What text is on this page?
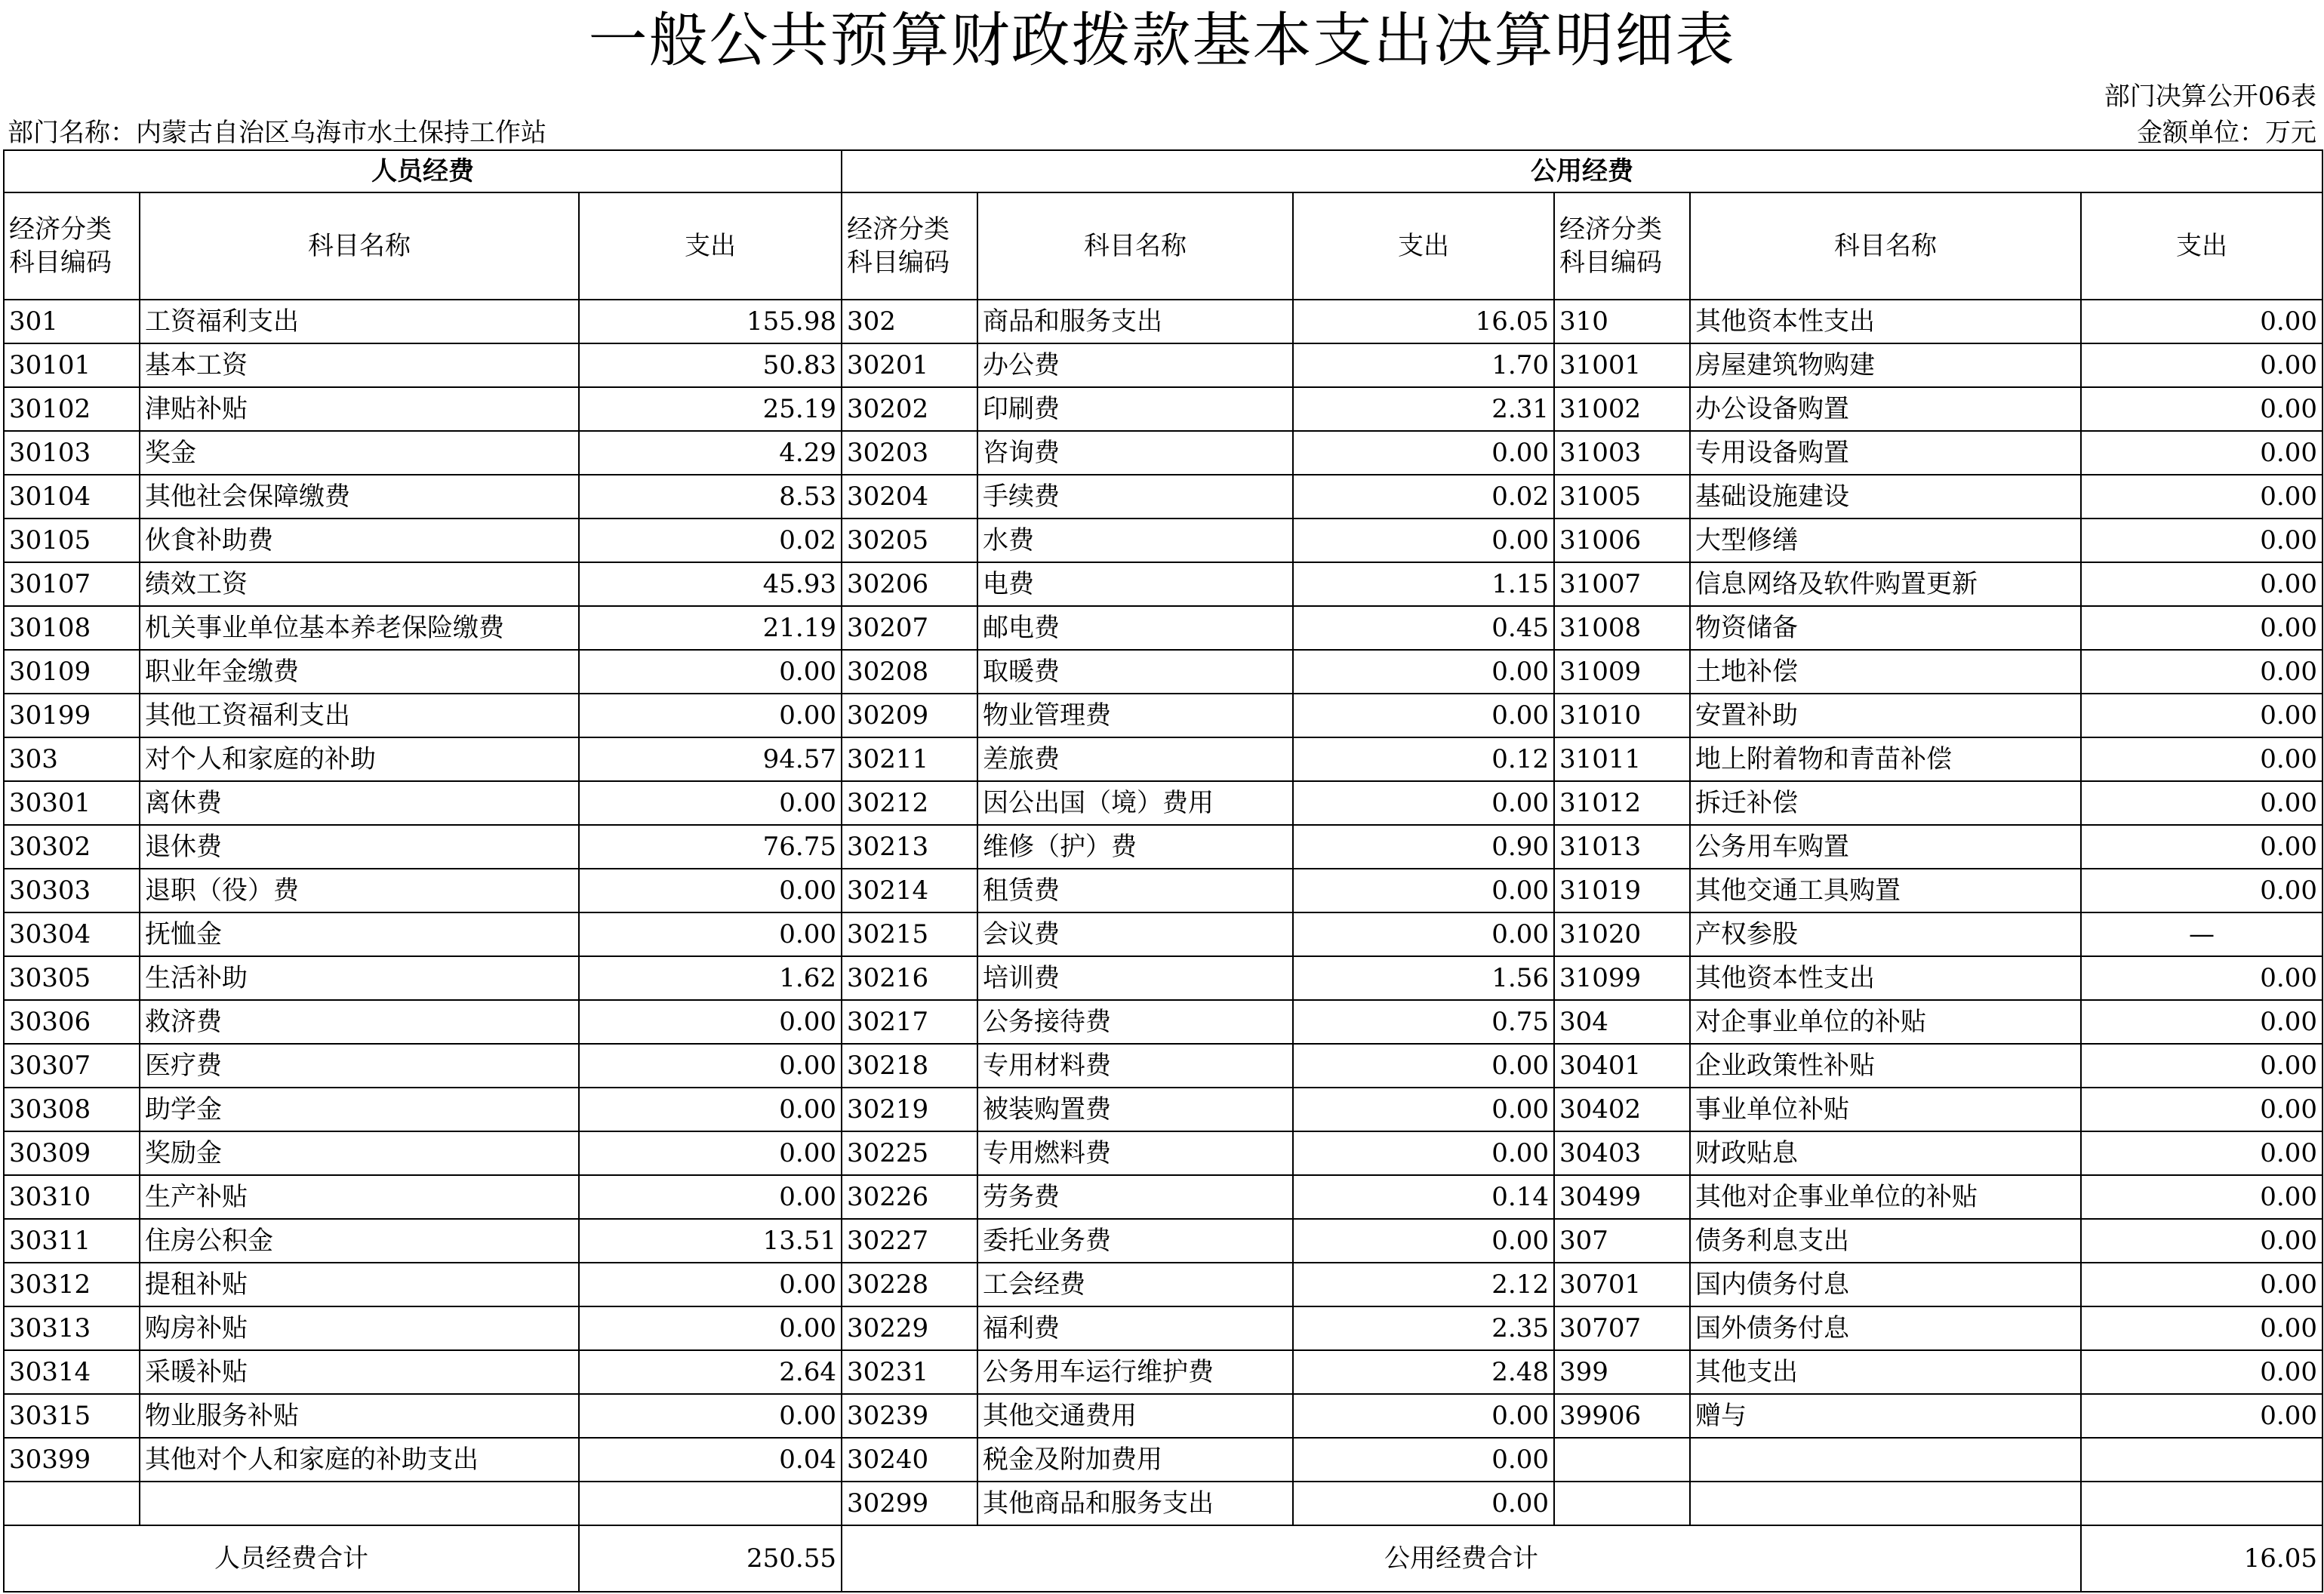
一般公共预算财政拨款基本支出决算明细表
部门决算公开06表
部门名称：内蒙古自治区乌海市水土保持工作站	金额单位：万元
人员经费			公用经费					
经济分类科目编码	科目名称	支出	经济分类科目编码	科目名称	支出	经济分类科目编码	科目名称	支出
301	工资福利支出	155.98	302	商品和服务支出	16.05	310	其他资本性支出	0.00
30101	基本工资	50.83	30201	办公费	1.70	31001	房屋建筑物购建	0.00
30102	津贴补贴	25.19	30202	印刷费	2.31	31002	办公设备购置	0.00
30103	奖金	4.29	30203	咨询费	0.00	31003	专用设备购置	0.00
30104	其他社会保障缴费	8.53	30204	手续费	0.02	31005	基础设施建设	0.00
30105	伙食补助费	0.02	30205	水费	0.00	31006	大型修缮	0.00
30107	绩效工资	45.93	30206	电费	1.15	31007	信息网络及软件购置更新	0.00
30108	机关事业单位基本养老保险缴费	21.19	30207	邮电费	0.45	31008	物资储备	0.00
30109	职业年金缴费	0.00	30208	取暖费	0.00	31009	土地补偿	0.00
30199	其他工资福利支出	0.00	30209	物业管理费	0.00	31010	安置补助	0.00
303	对个人和家庭的补助	94.57	30211	差旅费	0.12	31011	地上附着物和青苗补偿	0.00
30301	离休费	0.00	30212	因公出国（境）费用	0.00	31012	拆迁补偿	0.00
30302	退休费	76.75	30213	维修（护）费	0.90	31013	公务用车购置	0.00
30303	退职（役）费	0.00	30214	租赁费	0.00	31019	其他交通工具购置	0.00
30304	抚恤金	0.00	30215	会议费	0.00	31020	产权参股	—
30305	生活补助	1.62	30216	培训费	1.56	31099	其他资本性支出	0.00
30306	救济费	0.00	30217	公务接待费	0.75	304	对企事业单位的补贴	0.00
30307	医疗费	0.00	30218	专用材料费	0.00	30401	企业政策性补贴	0.00
30308	助学金	0.00	30219	被装购置费	0.00	30402	事业单位补贴	0.00
30309	奖励金	0.00	30225	专用燃料费	0.00	30403	财政贴息	0.00
30310	生产补贴	0.00	30226	劳务费	0.14	30499	其他对企事业单位的补贴	0.00
30311	住房公积金	13.51	30227	委托业务费	0.00	307	债务利息支出	0.00
30312	提租补贴	0.00	30228	工会经费	2.12	30701	国内债务付息	0.00
30313	购房补贴	0.00	30229	福利费	2.35	30707	国外债务付息	0.00
30314	采暖补贴	2.64	30231	公务用车运行维护费	2.48	399	其他支出	0.00
30315	物业服务补贴	0.00	30239	其他交通费用	0.00	39906	赠与	0.00
30399	其他对个人和家庭的补助支出	0.04	30240	税金及附加费用	0.00			
			30299	其他商品和服务支出	0.00			
人员经费合计		250.55	公用经费合计					16.05
